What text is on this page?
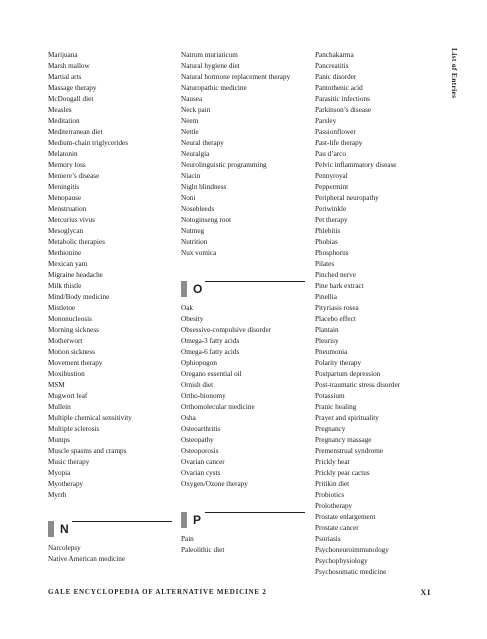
Marijuana
Marsh mallow
Martial arts
Massage therapy
McDougall diet
Measles
Meditation
Mediterranean diet
Medium-chain triglycerides
Melatonin
Memory loss
Meniere’s disease
Meningitis
Menopause
Menstruation
Mercurius vivus
Mesoglycan
Metabolic therapies
Methionine
Mexican yam
Migraine headache
Milk thistle
Mind/Body medicine
Mistletoe
Mononucleosis
Morning sickness
Motherwort
Motion sickness
Movement therapy
Moxibustion
MSM
Mugwort leaf
Mullein
Multiple chemical sensitivity
Multiple sclerosis
Mumps
Muscle spasms and cramps
Music therapy
Myopia
Myotherapy
Myrrh
N
Narcolepsy
Native American medicine
Natrum muriaticum
Natural hygiene diet
Natural hormone replacement therapy
Naturopathic medicine
Nausea
Neck pain
Neem
Nettle
Neural therapy
Neuralgia
Neurolinguistic programming
Niacin
Night blindness
Noni
Nosebleeds
Notoginseng root
Nutmeg
Nutrition
Nux vomica
O
Oak
Obesity
Obsessive-compulsive disorder
Omega-3 fatty acids
Omega-6 fatty acids
Ophiopogon
Oregano essential oil
Ornish diet
Ortho-bionomy
Orthomolecular medicine
Osha
Osteoarthritis
Osteopathy
Osteoporosis
Ovarian cancer
Ovarian cysts
Oxygen/Ozone therapy
P
Pain
Paleolithic diet
Panchakarma
Pancreatitis
Panic disorder
Pantothenic acid
Parasitic infections
Parkinson’s disease
Parsley
Passionflower
Past-life therapy
Pau d’arco
Pelvic inflammatory disease
Pennyroyal
Peppermint
Peripheral neuropathy
Periwinkle
Pet therapy
Phlebitis
Phobias
Phosphorus
Pilates
Pinched nerve
Pine bark extract
Pinellia
Pityriasis rosea
Placebo effect
Plantain
Pleurisy
Pneumonia
Polarity therapy
Postpartum depression
Post-traumatic stress disorder
Potassium
Pranic healing
Prayer and spirituality
Pregnancy
Pregnancy massage
Premenstrual syndrome
Prickly heat
Prickly pear cactus
Pritikin diet
Probiotics
Prolotherapy
Prostate enlargement
Prostate cancer
Psoriasis
Psychoneuroimmunology
Psychophysiology
Psychosomatic medicine
List of Entries
GALE ENCYCLOPEDIA OF ALTERNATIVE MEDICINE 2	XI
